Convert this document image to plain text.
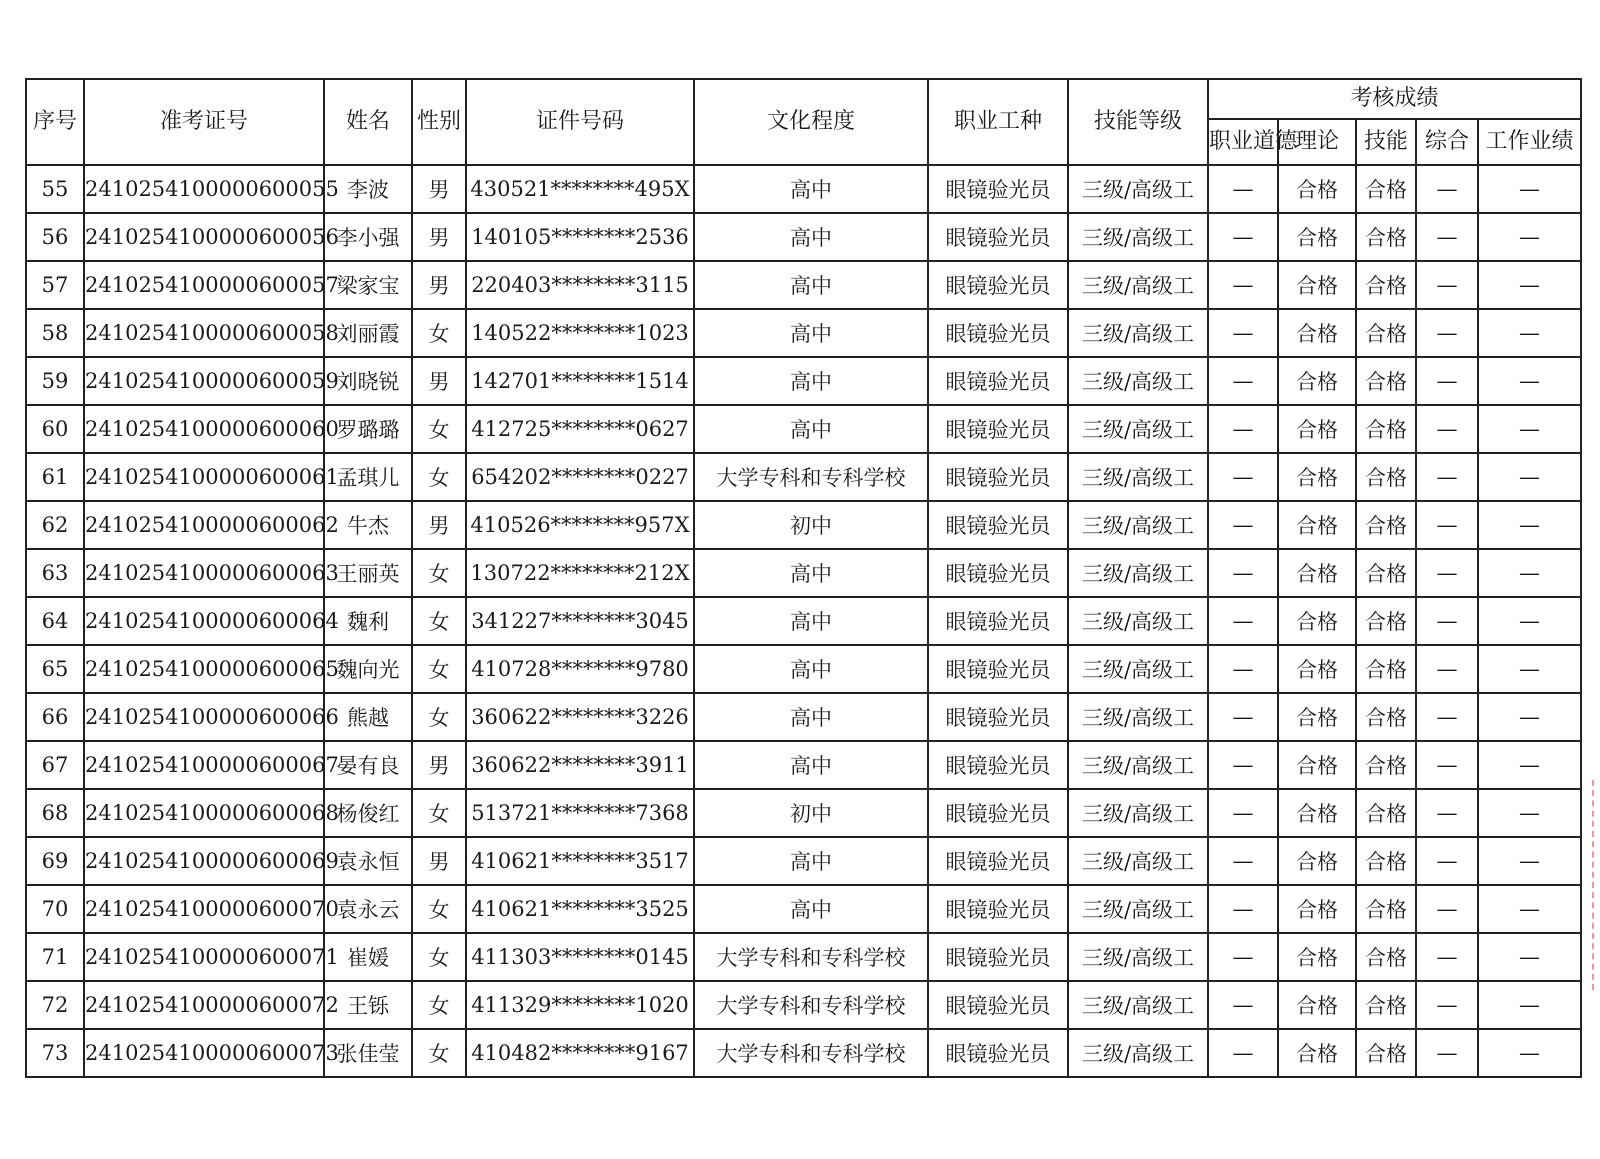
序号	准考证号	姓名	性别	证件号码	文化程度	职业工种	技能等级	考核成绩				
								职业道德	理论	技能	综合	工作业绩
55	2410254100000600055	李波	男	430521********495X	高中	眼镜验光员	三级/高级工	—	合格	合格	—	—
56	2410254100000600056	李小强	男	140105********2536	高中	眼镜验光员	三级/高级工	—	合格	合格	—	—
57	2410254100000600057	梁家宝	男	220403********3115	高中	眼镜验光员	三级/高级工	—	合格	合格	—	—
58	2410254100000600058	刘丽霞	女	140522********1023	高中	眼镜验光员	三级/高级工	—	合格	合格	—	—
59	2410254100000600059	刘晓锐	男	142701********1514	高中	眼镜验光员	三级/高级工	—	合格	合格	—	—
60	2410254100000600060	罗璐璐	女	412725********0627	高中	眼镜验光员	三级/高级工	—	合格	合格	—	—
61	2410254100000600061	孟琪儿	女	654202********0227	大学专科和专科学校	眼镜验光员	三级/高级工	—	合格	合格	—	—
62	2410254100000600062	牛杰	男	410526********957X	初中	眼镜验光员	三级/高级工	—	合格	合格	—	—
63	2410254100000600063	王丽英	女	130722********212X	高中	眼镜验光员	三级/高级工	—	合格	合格	—	—
64	2410254100000600064	魏利	女	341227********3045	高中	眼镜验光员	三级/高级工	—	合格	合格	—	—
65	2410254100000600065	魏向光	女	410728********9780	高中	眼镜验光员	三级/高级工	—	合格	合格	—	—
66	2410254100000600066	熊越	女	360622********3226	高中	眼镜验光员	三级/高级工	—	合格	合格	—	—
67	2410254100000600067	晏有良	男	360622********3911	高中	眼镜验光员	三级/高级工	—	合格	合格	—	—
68	2410254100000600068	杨俊红	女	513721********7368	初中	眼镜验光员	三级/高级工	—	合格	合格	—	—
69	2410254100000600069	袁永恒	男	410621********3517	高中	眼镜验光员	三级/高级工	—	合格	合格	—	—
70	2410254100000600070	袁永云	女	410621********3525	高中	眼镜验光员	三级/高级工	—	合格	合格	—	—
71	2410254100000600071	崔媛	女	411303********0145	大学专科和专科学校	眼镜验光员	三级/高级工	—	合格	合格	—	—
72	2410254100000600072	王铄	女	411329********1020	大学专科和专科学校	眼镜验光员	三级/高级工	—	合格	合格	—	—
73	2410254100000600073	张佳莹	女	410482********9167	大学专科和专科学校	眼镜验光员	三级/高级工	—	合格	合格	—	—
